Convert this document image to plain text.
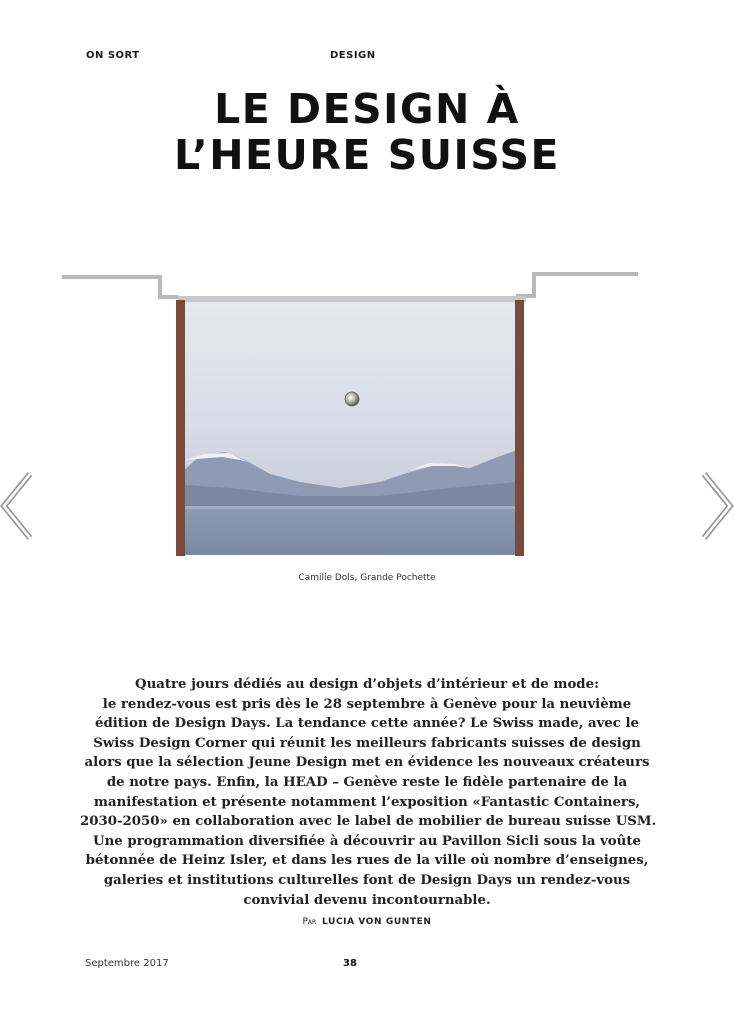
ON SORT	DESIGN
LE DESIGN À
L’HEURE SUISSE
Camille Dols, Grande Pochette
Quatre jours dédiés au design d’objets d’intérieur et de mode:
le rendez-vous est pris dès le 28 septembre à Genève pour la neuvième
édition de Design Days. La tendance cette année? Le Swiss made, avec le
Swiss Design Corner qui réunit les meilleurs fabricants suisses de design
alors que la sélection Jeune Design met en évidence les nouveaux créateurs
de notre pays. Enfin, la HEAD – Genève reste le fidèle partenaire de la
manifestation et présente notamment l’exposition «Fantastic Containers,
2030-2050» en collaboration avec le label de mobilier de bureau suisse USM.
Une programmation diversifiée à découvrir au Pavillon Sicli sous la voûte
bétonnée de Heinz Isler, et dans les rues de la ville où nombre d’enseignes,
galeries et institutions culturelles font de Design Days un rendez-vous
convivial devenu incontournable.
Par LUCIA VON GUNTEN
Septembre 2017	38
